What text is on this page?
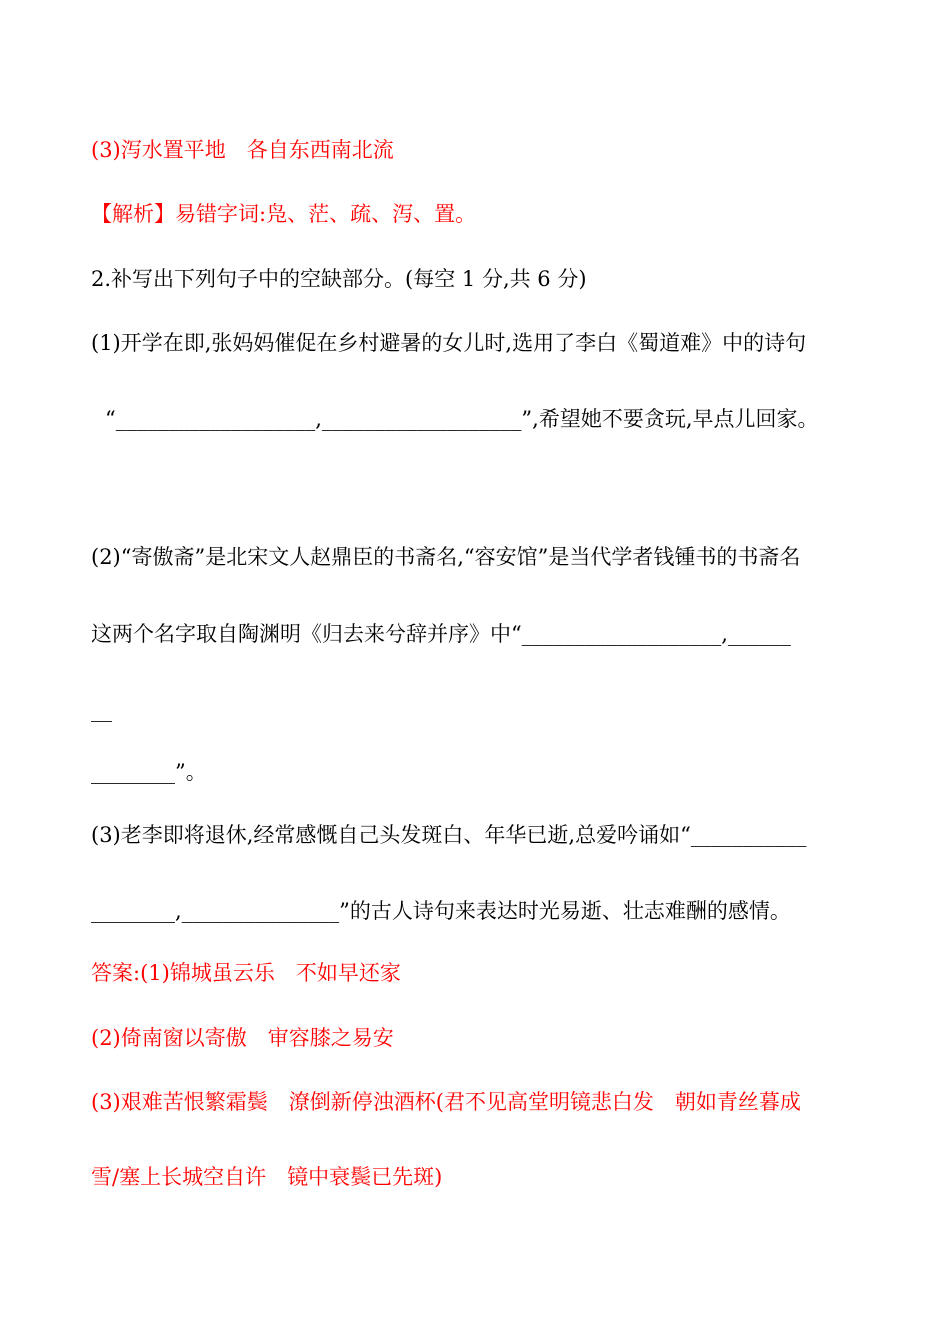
(3)泻水置平地　各自东西南北流
【解析】易错字词:凫、茫、疏、泻、置。
2.补写出下列句子中的空缺部分。(每空 1 分,共 6 分)
(1)开学在即,张妈妈催促在乡村避暑的女儿时,选用了李白《蜀道难》中的诗句
“___________________,___________________”,希望她不要贪玩,早点儿回家。
(2)“寄傲斋”是北宋文人赵鼎臣的书斋名,“容安馆”是当代学者钱锺书的书斋名
这两个名字取自陶渊明《归去来兮辞并序》中“___________________,______
__
________”。
(3)老李即将退休,经常感慨自己头发斑白、年华已逝,总爱吟诵如“___________
________,_______________”的古人诗句来表达时光易逝、壮志难酬的感情。
答案:(1)锦城虽云乐　不如早还家
(2)倚南窗以寄傲　审容膝之易安
(3)艰难苦恨繁霜鬓　潦倒新停浊酒杯(君不见高堂明镜悲白发　朝如青丝暮成
雪/塞上长城空自许　镜中衰鬓已先斑)
